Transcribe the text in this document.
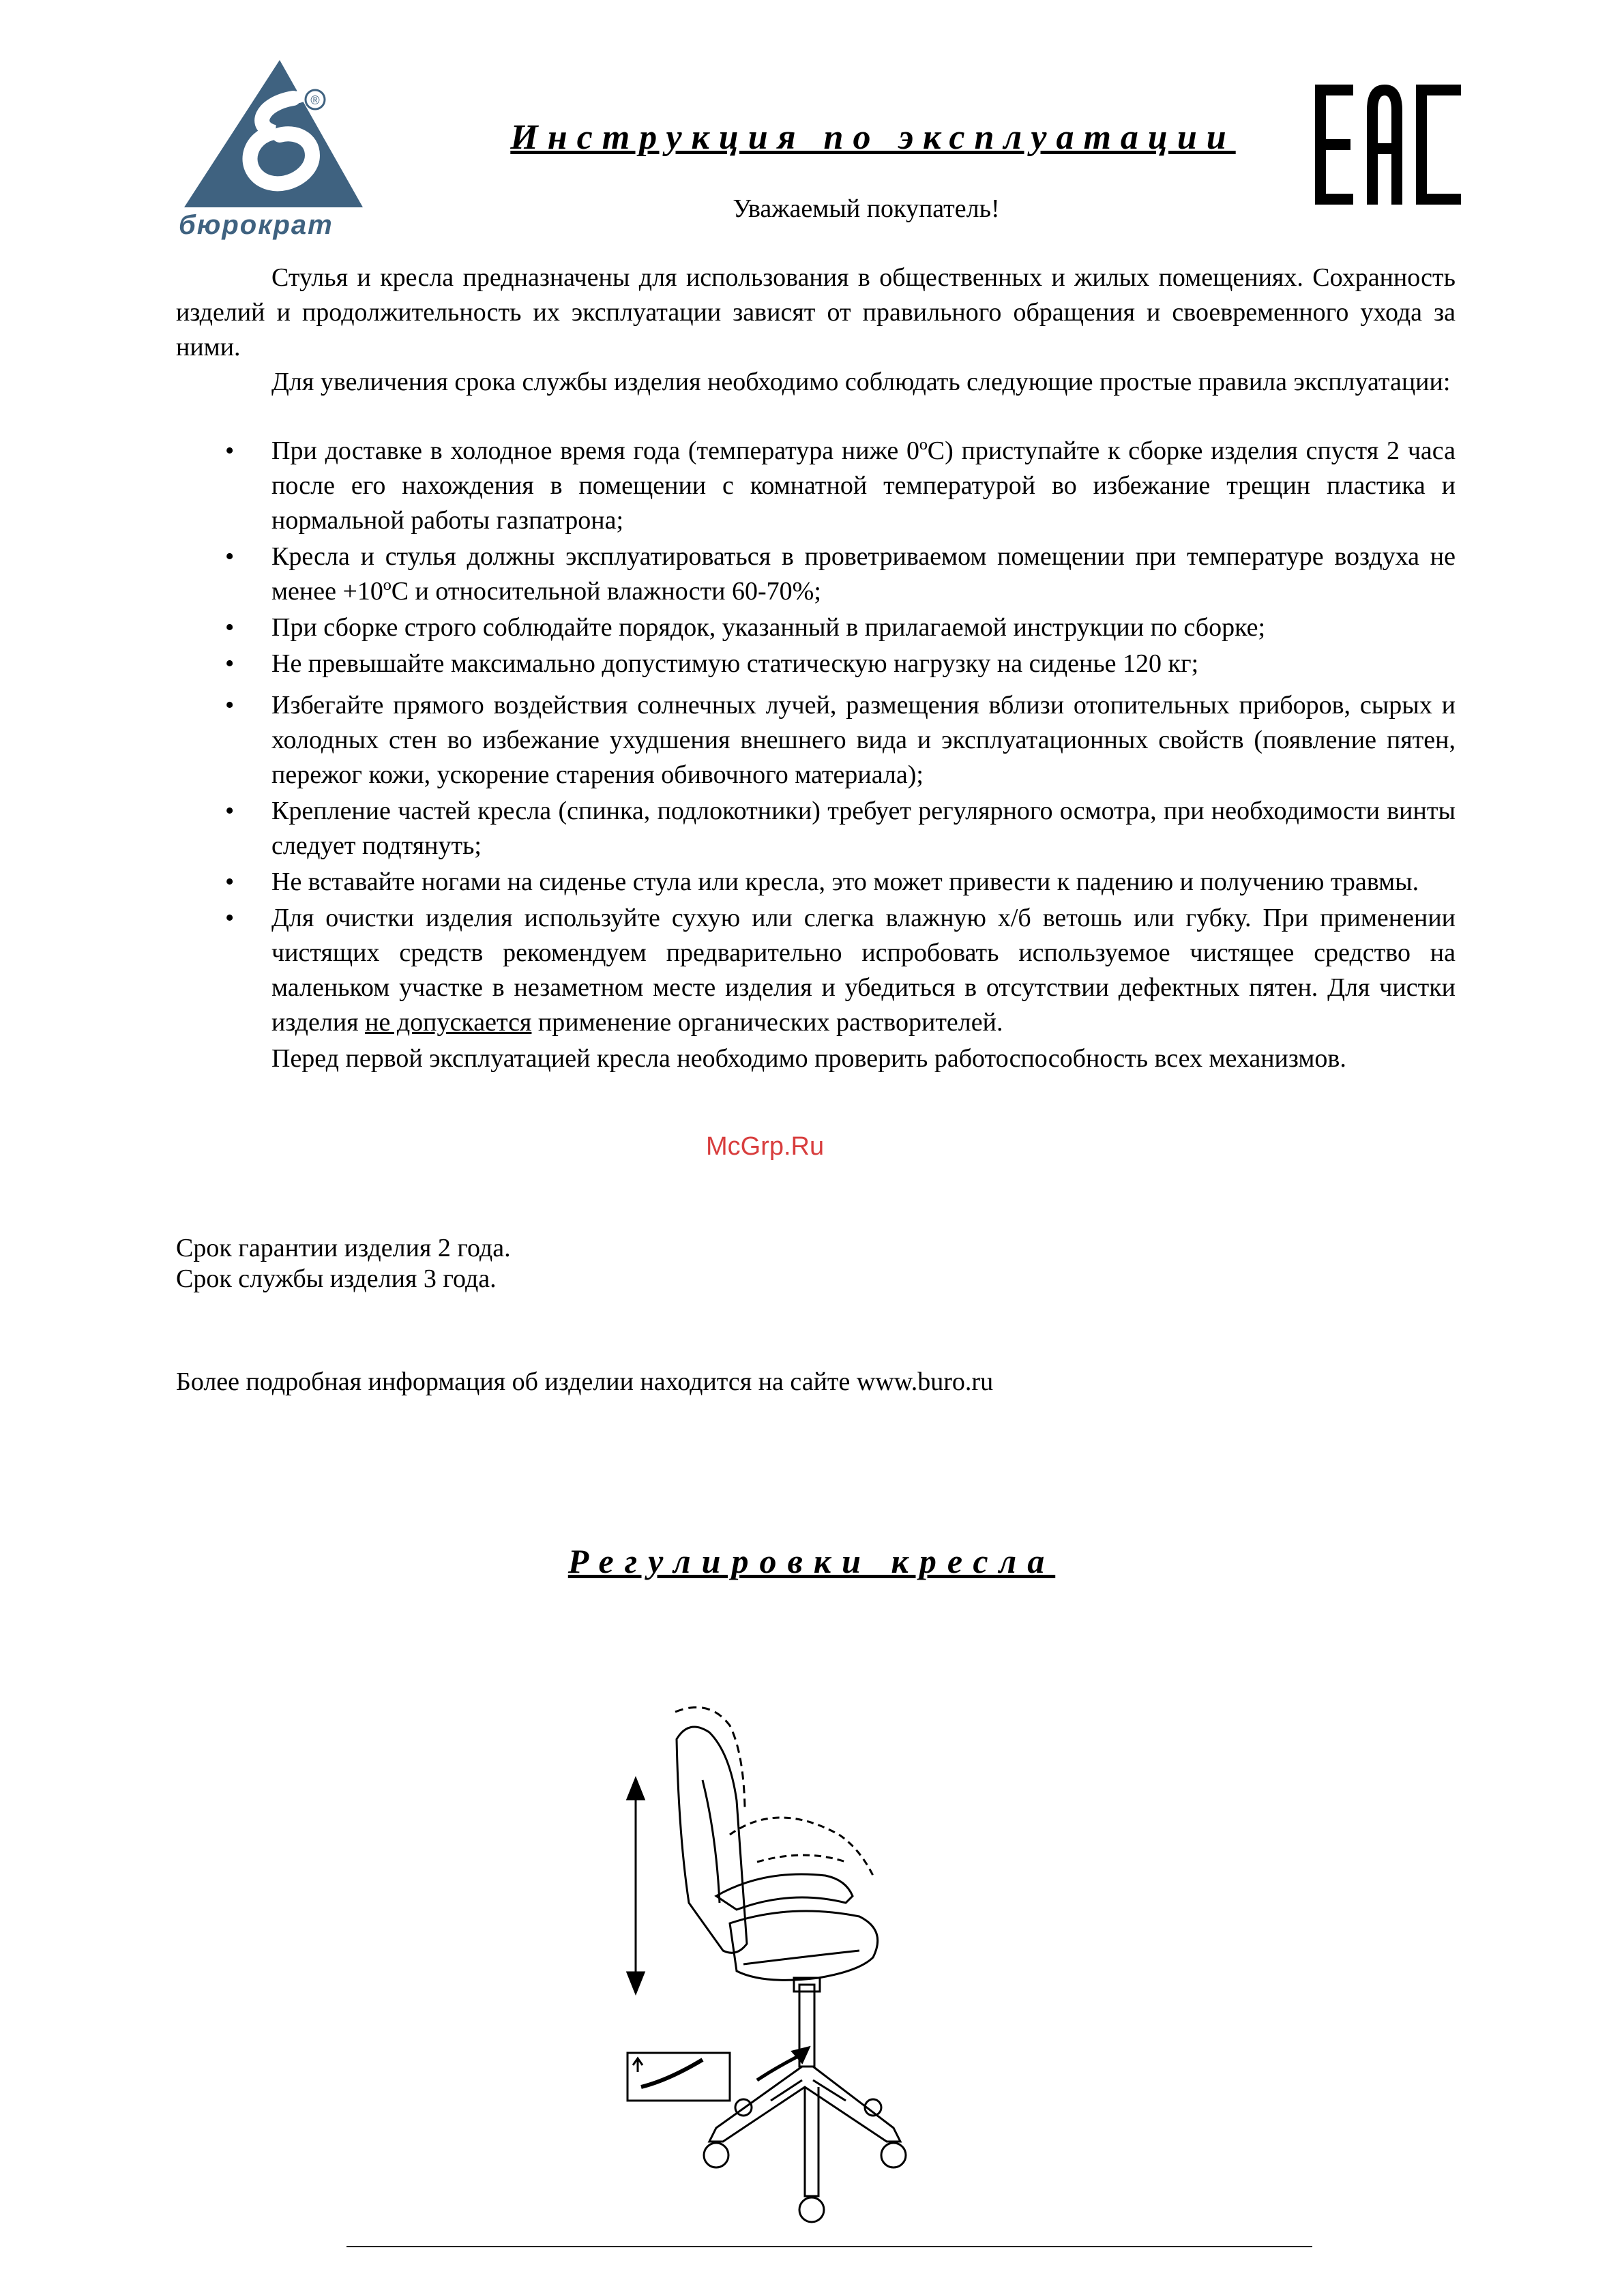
®
бюрократ
Инструкция по эксплуатации
Уважаемый покупатель!
Стулья и кресла предназначены для использования в общественных и жилых помещениях. Сохранность изделий и продолжительность их эксплуатации зависят от правильного обращения и своевременного ухода за ними.
Для увеличения срока службы изделия необходимо соблюдать следующие простые правила эксплуатации:
• При доставке в холодное время года (температура ниже 0ºС) приступайте к сборке изделия спустя 2 часа после его нахождения в помещении с комнатной температурой во избежание трещин пластика и нормальной работы газпатрона;
• Кресла и стулья должны эксплуатироваться в проветриваемом помещении при температуре воздуха не менее +10ºС и относительной влажности 60-70%;
• При сборке строго соблюдайте порядок, указанный в прилагаемой инструкции по сборке;
• Не превышайте максимально допустимую статическую нагрузку на сиденье 120 кг;
• Избегайте прямого воздействия солнечных лучей, размещения вблизи отопительных приборов, сырых и холодных стен во избежание ухудшения внешнего вида и эксплуатационных свойств (появление пятен, пережог кожи, ускорение старения обивочного материала);
• Крепление частей кресла (спинка, подлокотники) требует регулярного осмотра, при необходимости винты следует подтянуть;
• Не вставайте ногами на сиденье стула или кресла, это может привести к падению и получению травмы.
• Для очистки изделия используйте сухую или слегка влажную х/б ветошь или губку. При применении чистящих средств рекомендуем предварительно испробовать используемое чистящее средство на маленьком участке в незаметном месте изделия и убедиться в отсутствии дефектных пятен. Для чистки изделия не допускается применение органических растворителей.
Перед первой эксплуатацией кресла необходимо проверить работоспособность всех механизмов.
McGrp.Ru
Срок гарантии изделия 2 года.
Срок службы изделия 3 года.
Более подробная информация об изделии находится на сайте www.buro.ru
Регулировки кресла
